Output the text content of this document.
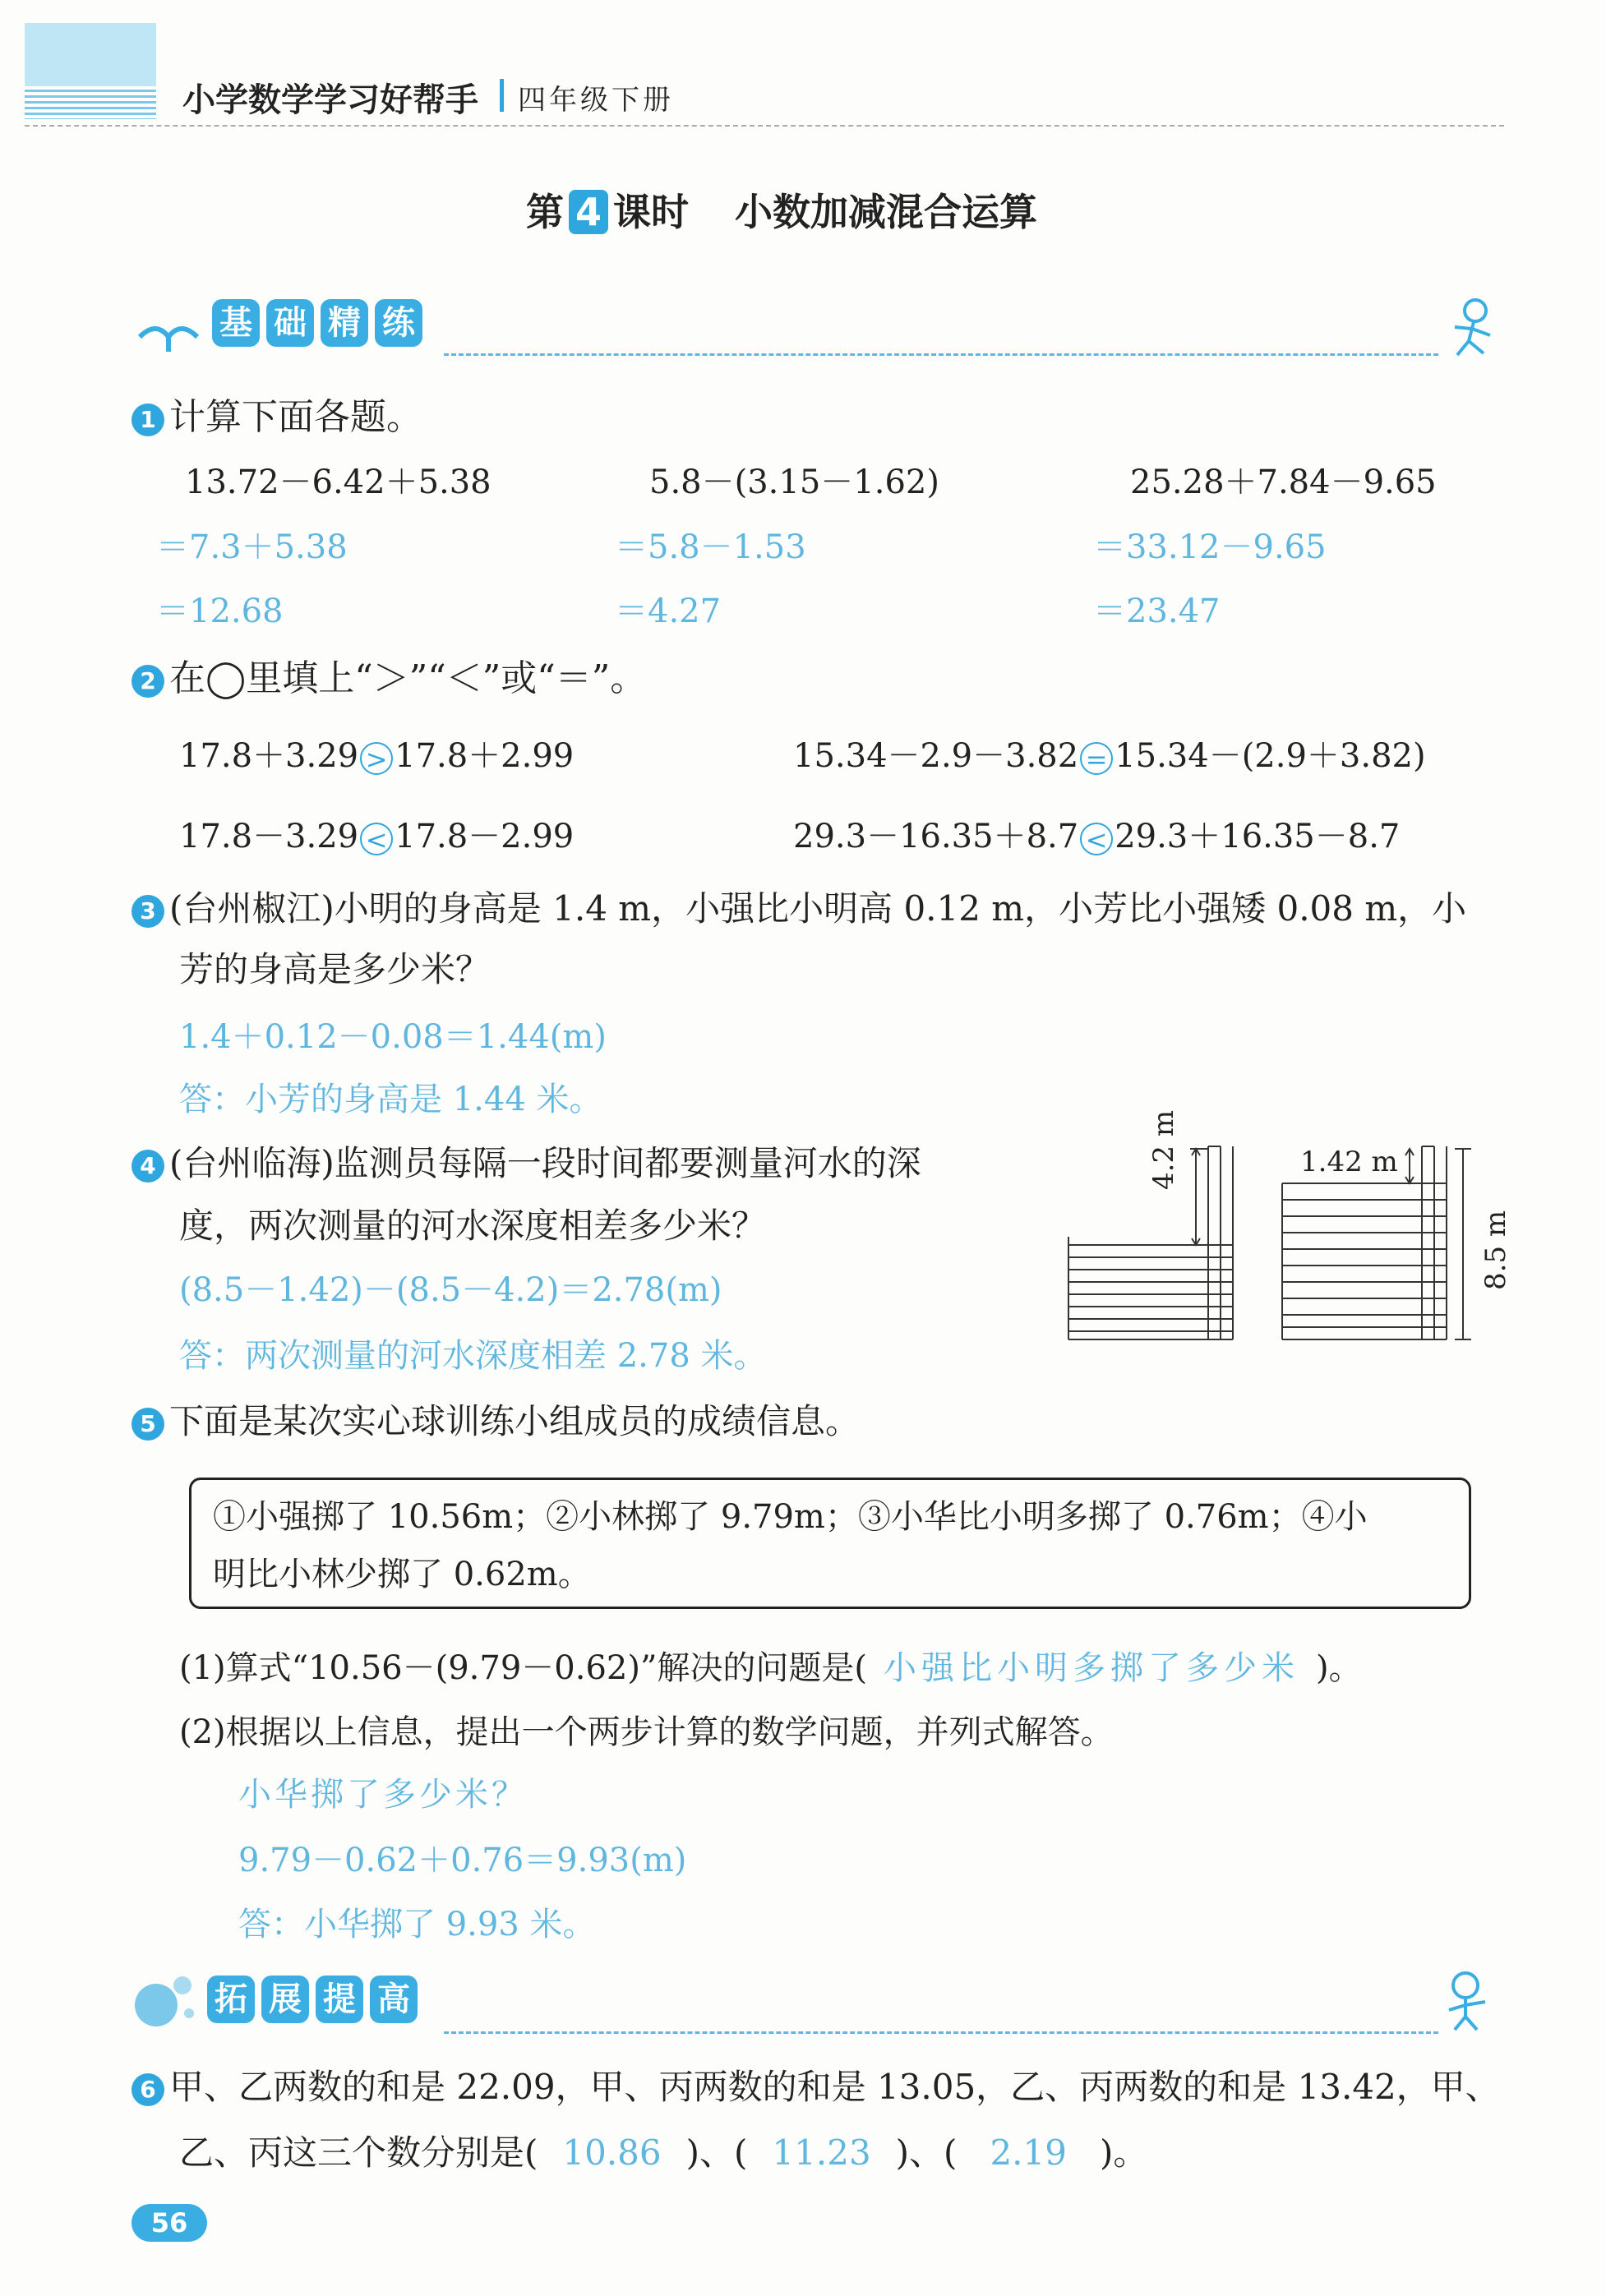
小学数学学习好帮手 四年级下册
第 4 课时 小数加减混合运算
基 础 精 练
1 计算下面各题。
13.72－6.42＋5.38
＝7.3＋5.38
＝12.68
5.8－(3.15－1.62)
＝5.8－1.53
＝4.27
25.28＋7.84－9.65
＝33.12－9.65
＝23.47
2 在◯里填上“＞”“＜”或“＝”。
17.8＋3.29 > 17.8＋2.99	15.34－2.9－3.82 = 15.34－(2.9＋3.82)
17.8－3.29 < 17.8－2.99	29.3－16.35＋8.7 < 29.3＋16.35－8.7
3 (台州椒江)小明的身高是 1.4 m，小强比小明高 0.12 m，小芳比小强矮 0.08 m，小
芳的身高是多少米？
1.4＋0.12－0.08＝1.44(m)
答：小芳的身高是 1.44 米。
4 (台州临海)监测员每隔一段时间都要测量河水的深
度，两次测量的河水深度相差多少米？
(8.5－1.42)－(8.5－4.2)＝2.78(m)
答：两次测量的河水深度相差 2.78 米。
4.2 m	1.42 m
8.5 m
5 下面是某次实心球训练小组成员的成绩信息。
①小强掷了 10.56m；②小林掷了 9.79m；③小华比小明多掷了 0.76m；④小
明比小林少掷了 0.62m。
(1)算式“10.56－(9.79－0.62)”解决的问题是( 小强比小明多掷了多少米 )。
(2)根据以上信息，提出一个两步计算的数学问题，并列式解答。
小华掷了多少米？
9.79－0.62＋0.76＝9.93(m)
答：小华掷了 9.93 米。
拓 展 提 高
6 甲、乙两数的和是 22.09，甲、丙两数的和是 13.05，乙、丙两数的和是 13.42，甲、
乙、丙这三个数分别是( 10.86 )、( 11.23 )、( 2.19 )。
56
